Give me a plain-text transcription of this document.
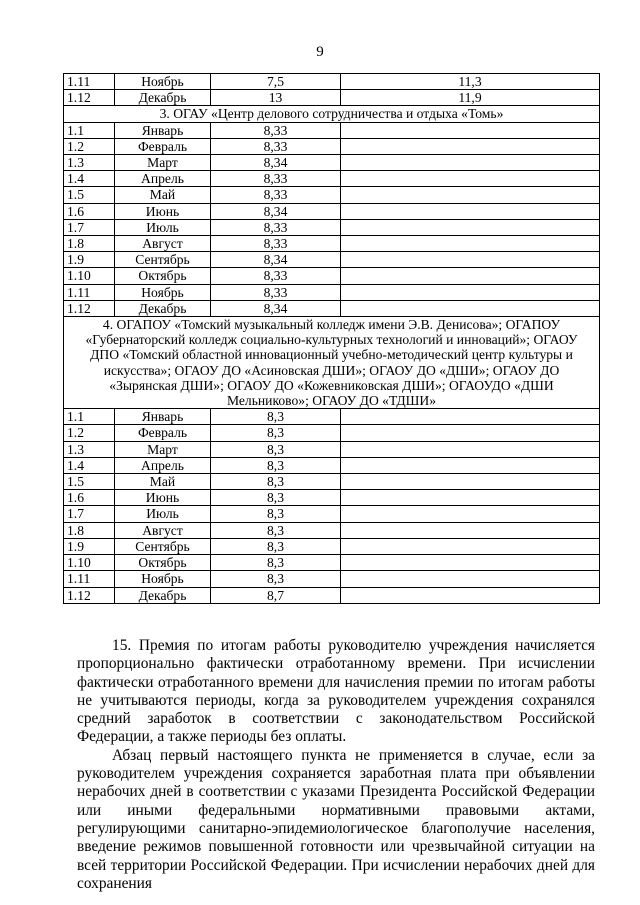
9
1.11	Ноябрь	7,5	11,3
1.12	Декабрь	13	11,9
3. ОГАУ «Центр делового сотрудничества и отдыха «Томь»			
1.1	Январь	8,33	
1.2	Февраль	8,33	
1.3	Март	8,34	
1.4	Апрель	8,33	
1.5	Май	8,33	
1.6	Июнь	8,34	
1.7	Июль	8,33	
1.8	Август	8,33	
1.9	Сентябрь	8,34	
1.10	Октябрь	8,33	
1.11	Ноябрь	8,33	
1.12	Декабрь	8,34	
4. ОГАПОУ «Томский музыкальный колледж имени Э.В. Денисова»; ОГАПОУ «Губернаторский колледж социально-культурных технологий и инноваций»; ОГАОУ ДПО «Томский областной инновационный учебно-методический центр культуры и искусства»; ОГАОУ ДО «Асиновская ДШИ»; ОГАОУ ДО «ДШИ»; ОГАОУ ДО «Зырянская ДШИ»; ОГАОУ ДО «Кожевниковская ДШИ»; ОГАОУДО «ДШИ Мельниково»; ОГАОУ ДО «ТДШИ»			
1.1	Январь	8,3	
1.2	Февраль	8,3	
1.3	Март	8,3	
1.4	Апрель	8,3	
1.5	Май	8,3	
1.6	Июнь	8,3	
1.7	Июль	8,3	
1.8	Август	8,3	
1.9	Сентябрь	8,3	
1.10	Октябрь	8,3	
1.11	Ноябрь	8,3	
1.12	Декабрь	8,7	

15. Премия по итогам работы руководителю учреждения начисляется пропорционально фактически отработанному времени. При исчислении фактически отработанного времени для начисления премии по итогам работы не учитываются периоды, когда за руководителем учреждения сохранялся средний заработок в соответствии с законодательством Российской Федерации, а также периоды без оплаты.

Абзац первый настоящего пункта не применяется в случае, если за руководителем учреждения сохраняется заработная плата при объявлении нерабочих дней в соответствии с указами Президента Российской Федерации или иными федеральными нормативными правовыми актами, регулирующими санитарно-эпидемиологическое благополучие населения, введение режимов повышенной готовности или чрезвычайной ситуации на всей территории Российской Федерации. При исчислении нерабочих дней для сохранения
